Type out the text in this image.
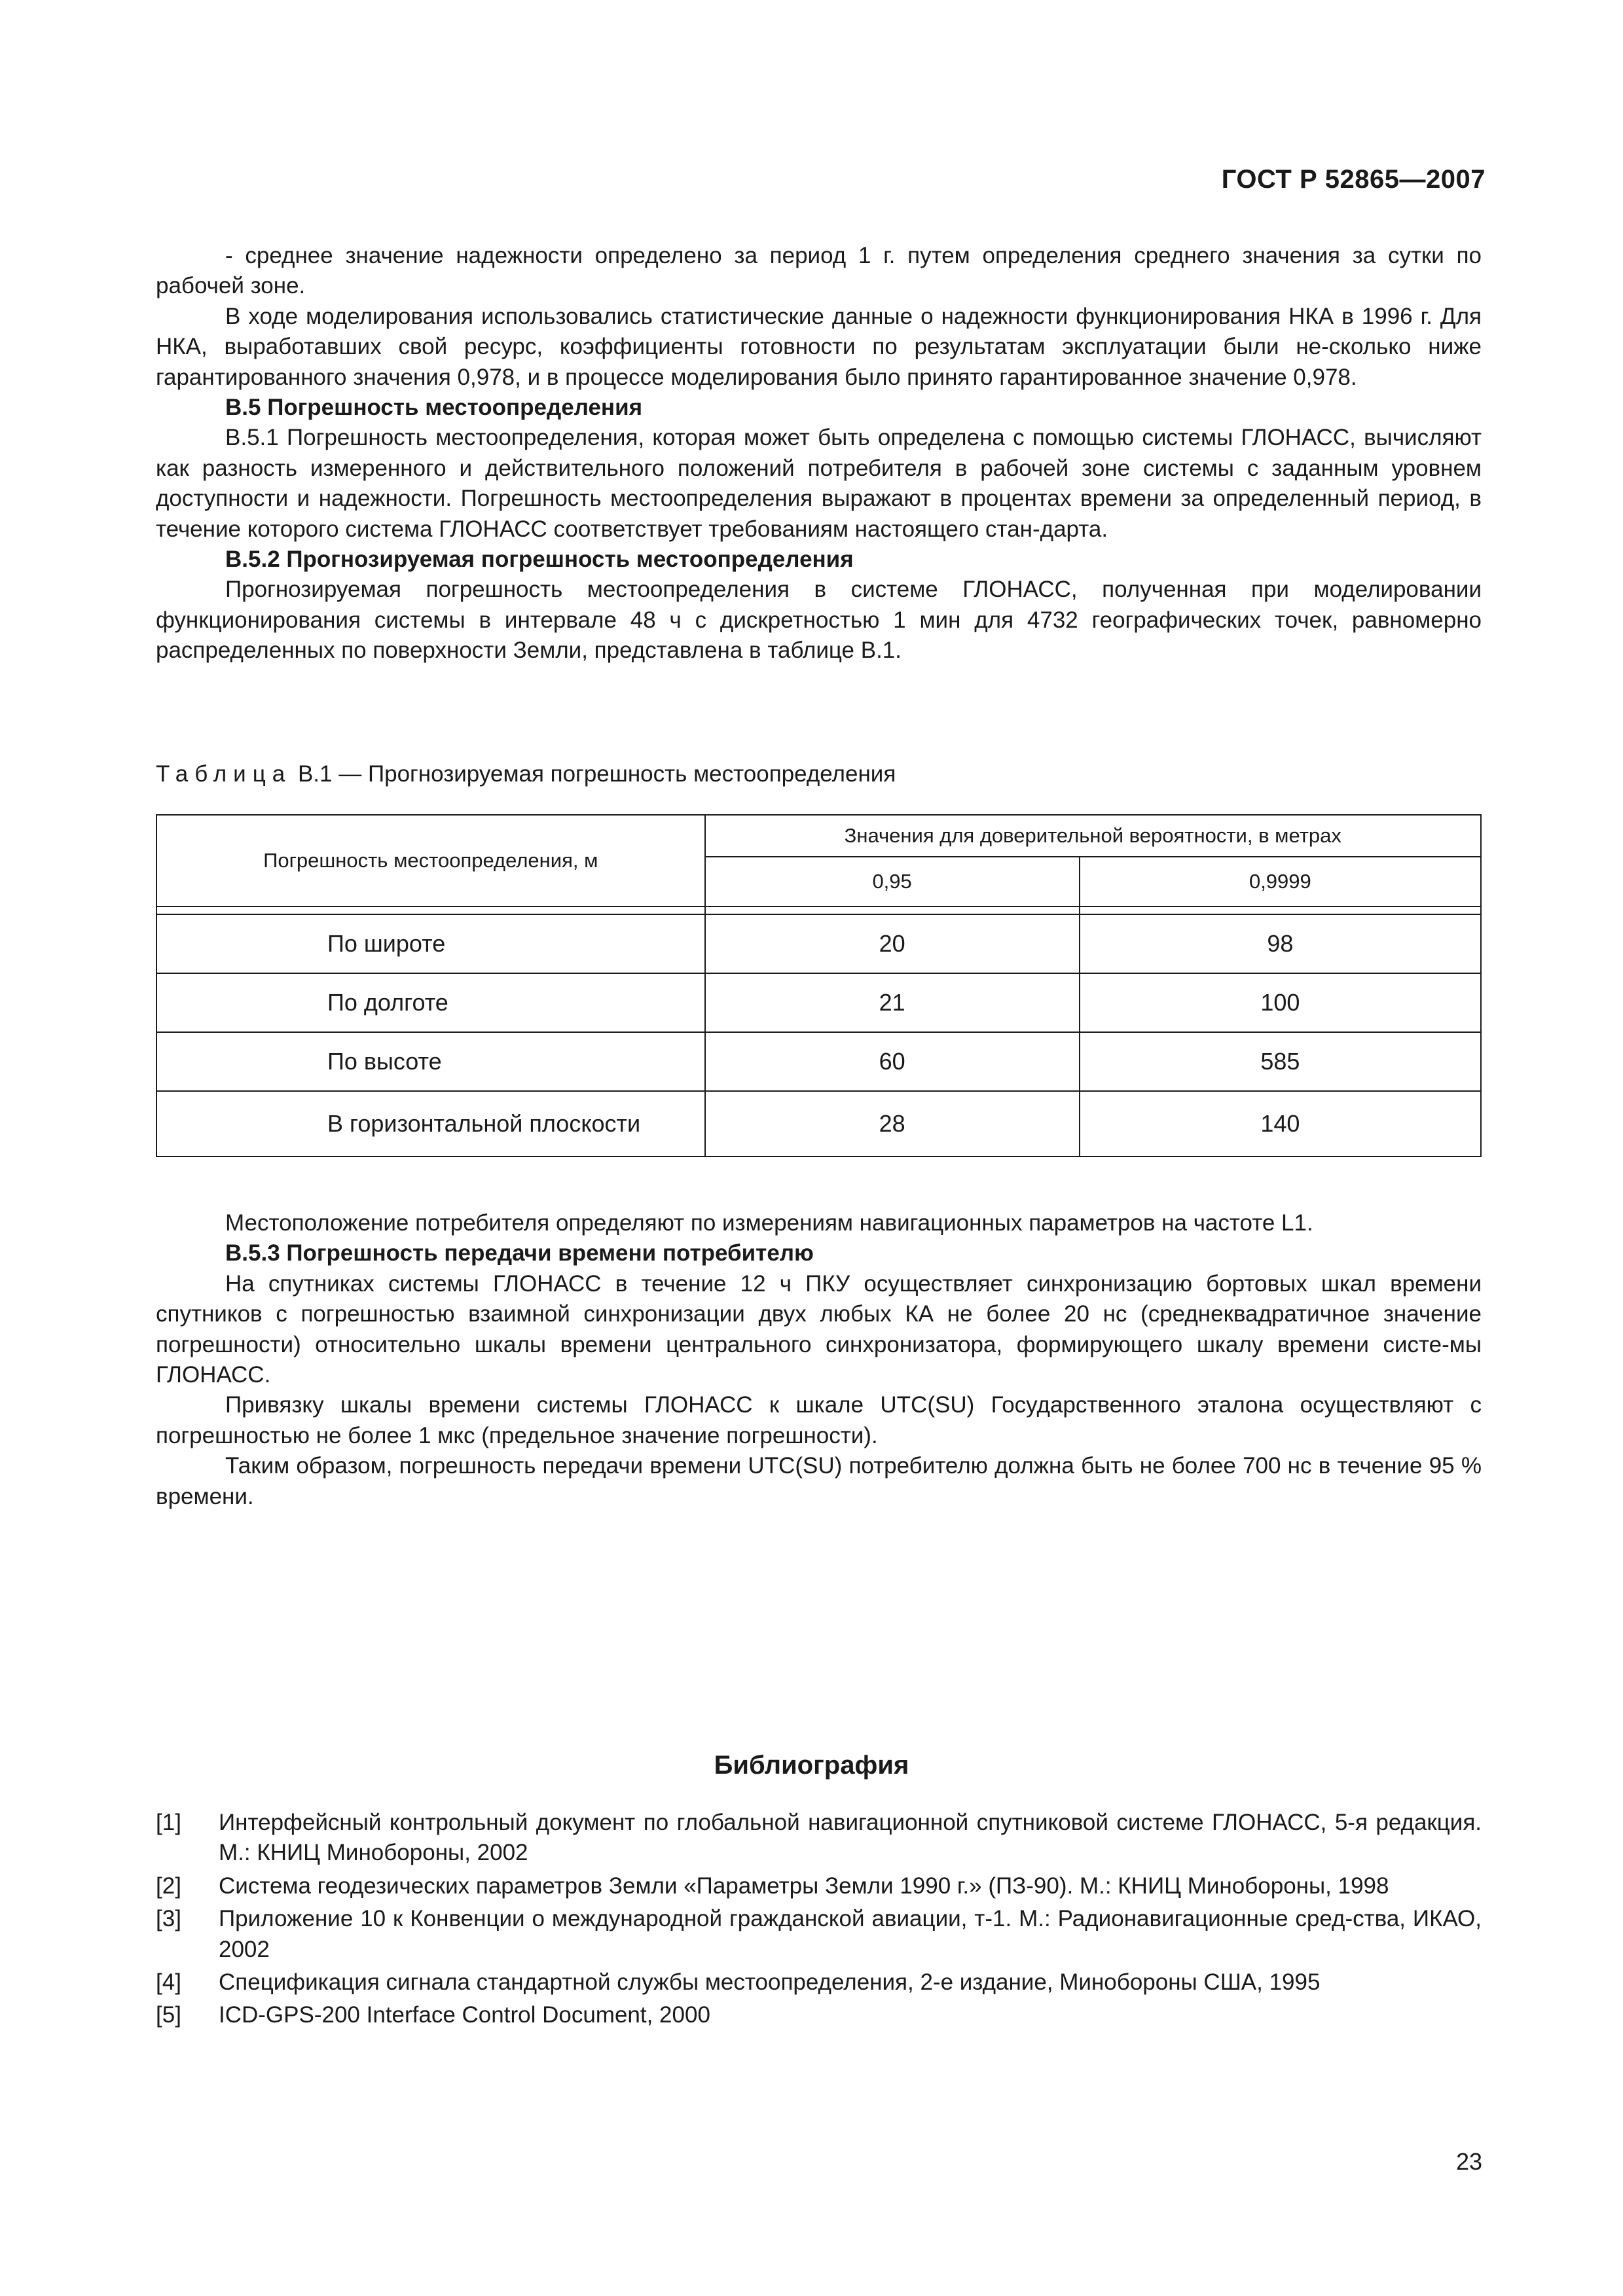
ГОСТ Р 52865—2007

- среднее значение надежности определено за период 1 г. путем определения среднего значения за сутки по рабочей зоне.

В ходе моделирования использовались статистические данные о надежности функционирования НКА в 1996 г. Для НКА, выработавших свой ресурс, коэффициенты готовности по результатам эксплуатации были не-сколько ниже гарантированного значения 0,978, и в процессе моделирования было принято гарантированное значение 0,978.

В.5 Погрешность местоопределения

В.5.1 Погрешность местоопределения, которая может быть определена с помощью системы ГЛОНАСС, вычисляют как разность измеренного и действительного положений потребителя в рабочей зоне системы с заданным уровнем доступности и надежности. Погрешность местоопределения выражают в процентах времени за определенный период, в течение которого система ГЛОНАСС соответствует требованиям настоящего стан-дарта.

В.5.2 Прогнозируемая погрешность местоопределения

Прогнозируемая погрешность местоопределения в системе ГЛОНАСС, полученная при моделировании функционирования системы в интервале 48 ч с дискретностью 1 мин для 4732 географических точек, равномерно распределенных по поверхности Земли, представлена в таблице В.1.

Таблица В.1 — Прогнозируемая погрешность местоопределения
Погрешность местоопределения, м	Значения для доверительной вероятности, в метрах	
	0,95	0,9999

По широте	20	98
По долготе	21	100
По высоте	60	585
В горизонтальной плоскости	28	140

Местоположение потребителя определяют по измерениям навигационных параметров на частоте L1.

В.5.3 Погрешность передачи времени потребителю

На спутниках системы ГЛОНАСС в течение 12 ч ПКУ осуществляет синхронизацию бортовых шкал времени спутников с погрешностью взаимной синхронизации двух любых КА не более 20 нс (среднеквадратичное значение погрешности) относительно шкалы времени центрального синхронизатора, формирующего шкалу времени систе-мы ГЛОНАСС.

Привязку шкалы времени системы ГЛОНАСС к шкале UTC(SU) Государственного эталона осуществляют с погрешностью не более 1 мкс (предельное значение погрешности).

Таким образом, погрешность передачи времени UTC(SU) потребителю должна быть не более 700 нс в течение 95 % времени.

Библиография
[1]	Интерфейсный контрольный документ по глобальной навигационной спутниковой системе ГЛОНАСС, 5-я редакция. М.: КНИЦ Минобороны, 2002
[2]	Система геодезических параметров Земли «Параметры Земли 1990 г.» (ПЗ-90). М.: КНИЦ Минобороны, 1998
[3]	Приложение 10 к Конвенции о международной гражданской авиации, т-1. М.: Радионавигационные сред-ства, ИКАО, 2002
[4]	Спецификация сигнала стандартной службы местоопределения, 2-е издание, Минобороны США, 1995
[5]	ICD-GPS-200 Interface Control Document, 2000
23
